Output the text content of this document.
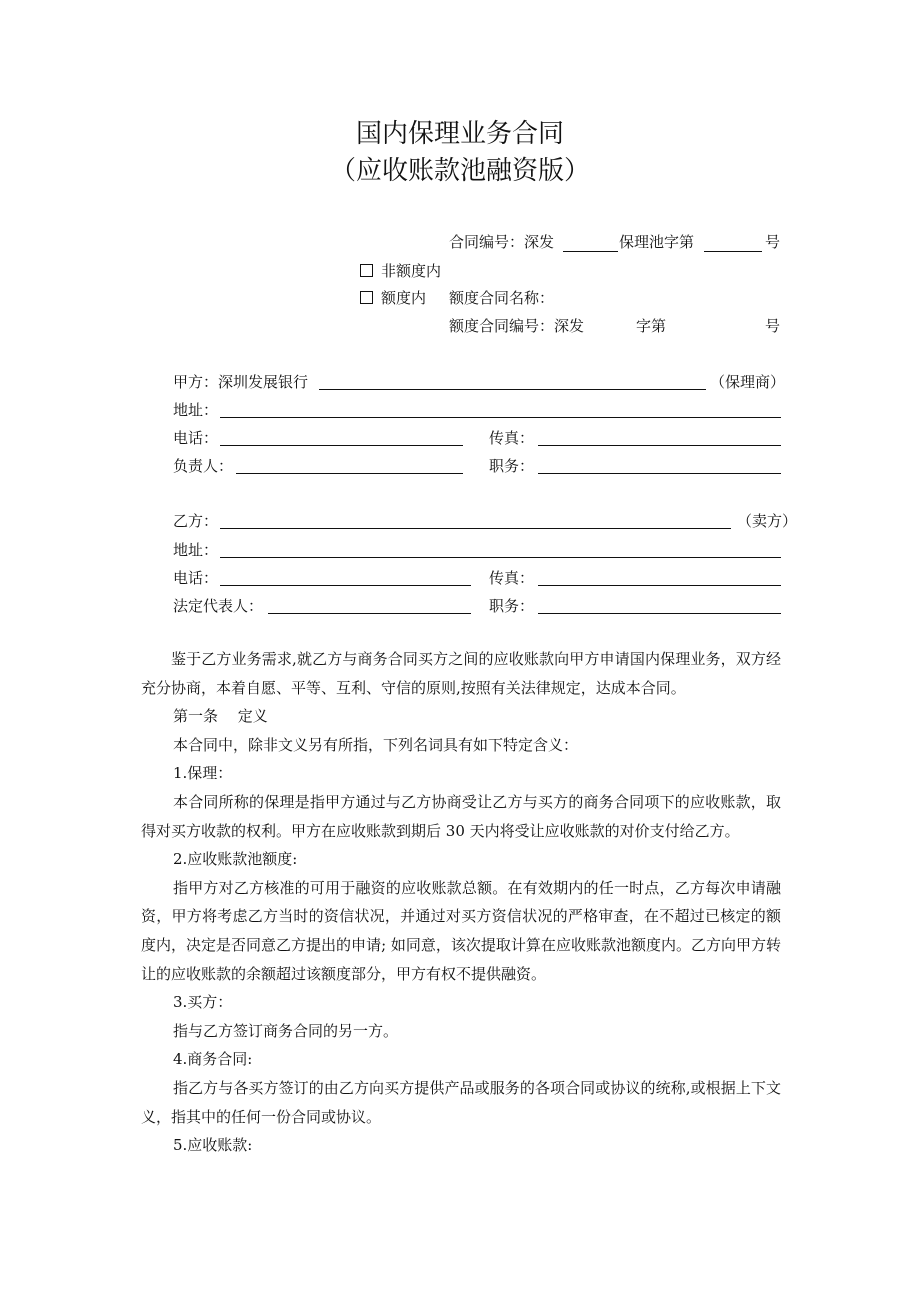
国内保理业务合同
（应收账款池融资版）
合同编号：深发	保理池字第	号
非额度内
额度内 额度合同名称：
额度合同编号：深发	字第	号
甲方：深圳发展银行	（保理商）
地址：
电话：	传真：
负责人：	职务：
乙方：	（卖方）
地址：
电话：	传真：
法定代表人：	职务：

鉴于乙方业务需求,就乙方与商务合同买方之间的应收账款向甲方申请国内保理业务，双方经充分协商，本着自愿、平等、互利、守信的原则,按照有关法律规定，达成本合同。

第一条　 定义

本合同中，除非文义另有所指，下列名词具有如下特定含义：

1.保理：

本合同所称的保理是指甲方通过与乙方协商受让乙方与买方的商务合同项下的应收账款，取得对买方收款的权利。甲方在应收账款到期后 30 天内将受让应收账款的对价支付给乙方。

2.应收账款池额度:

指甲方对乙方核准的可用于融资的应收账款总额。在有效期内的任一时点，乙方每次申请融资，甲方将考虑乙方当时的资信状况，并通过对买方资信状况的严格审查，在不超过已核定的额度内，决定是否同意乙方提出的申请; 如同意，该次提取计算在应收账款池额度内。乙方向甲方转让的应收账款的余额超过该额度部分，甲方有权不提供融资。

3.买方：

指与乙方签订商务合同的另一方。

4.商务合同:

指乙方与各买方签订的由乙方向买方提供产品或服务的各项合同或协议的统称,或根据上下文义，指其中的任何一份合同或协议。

5.应收账款:
